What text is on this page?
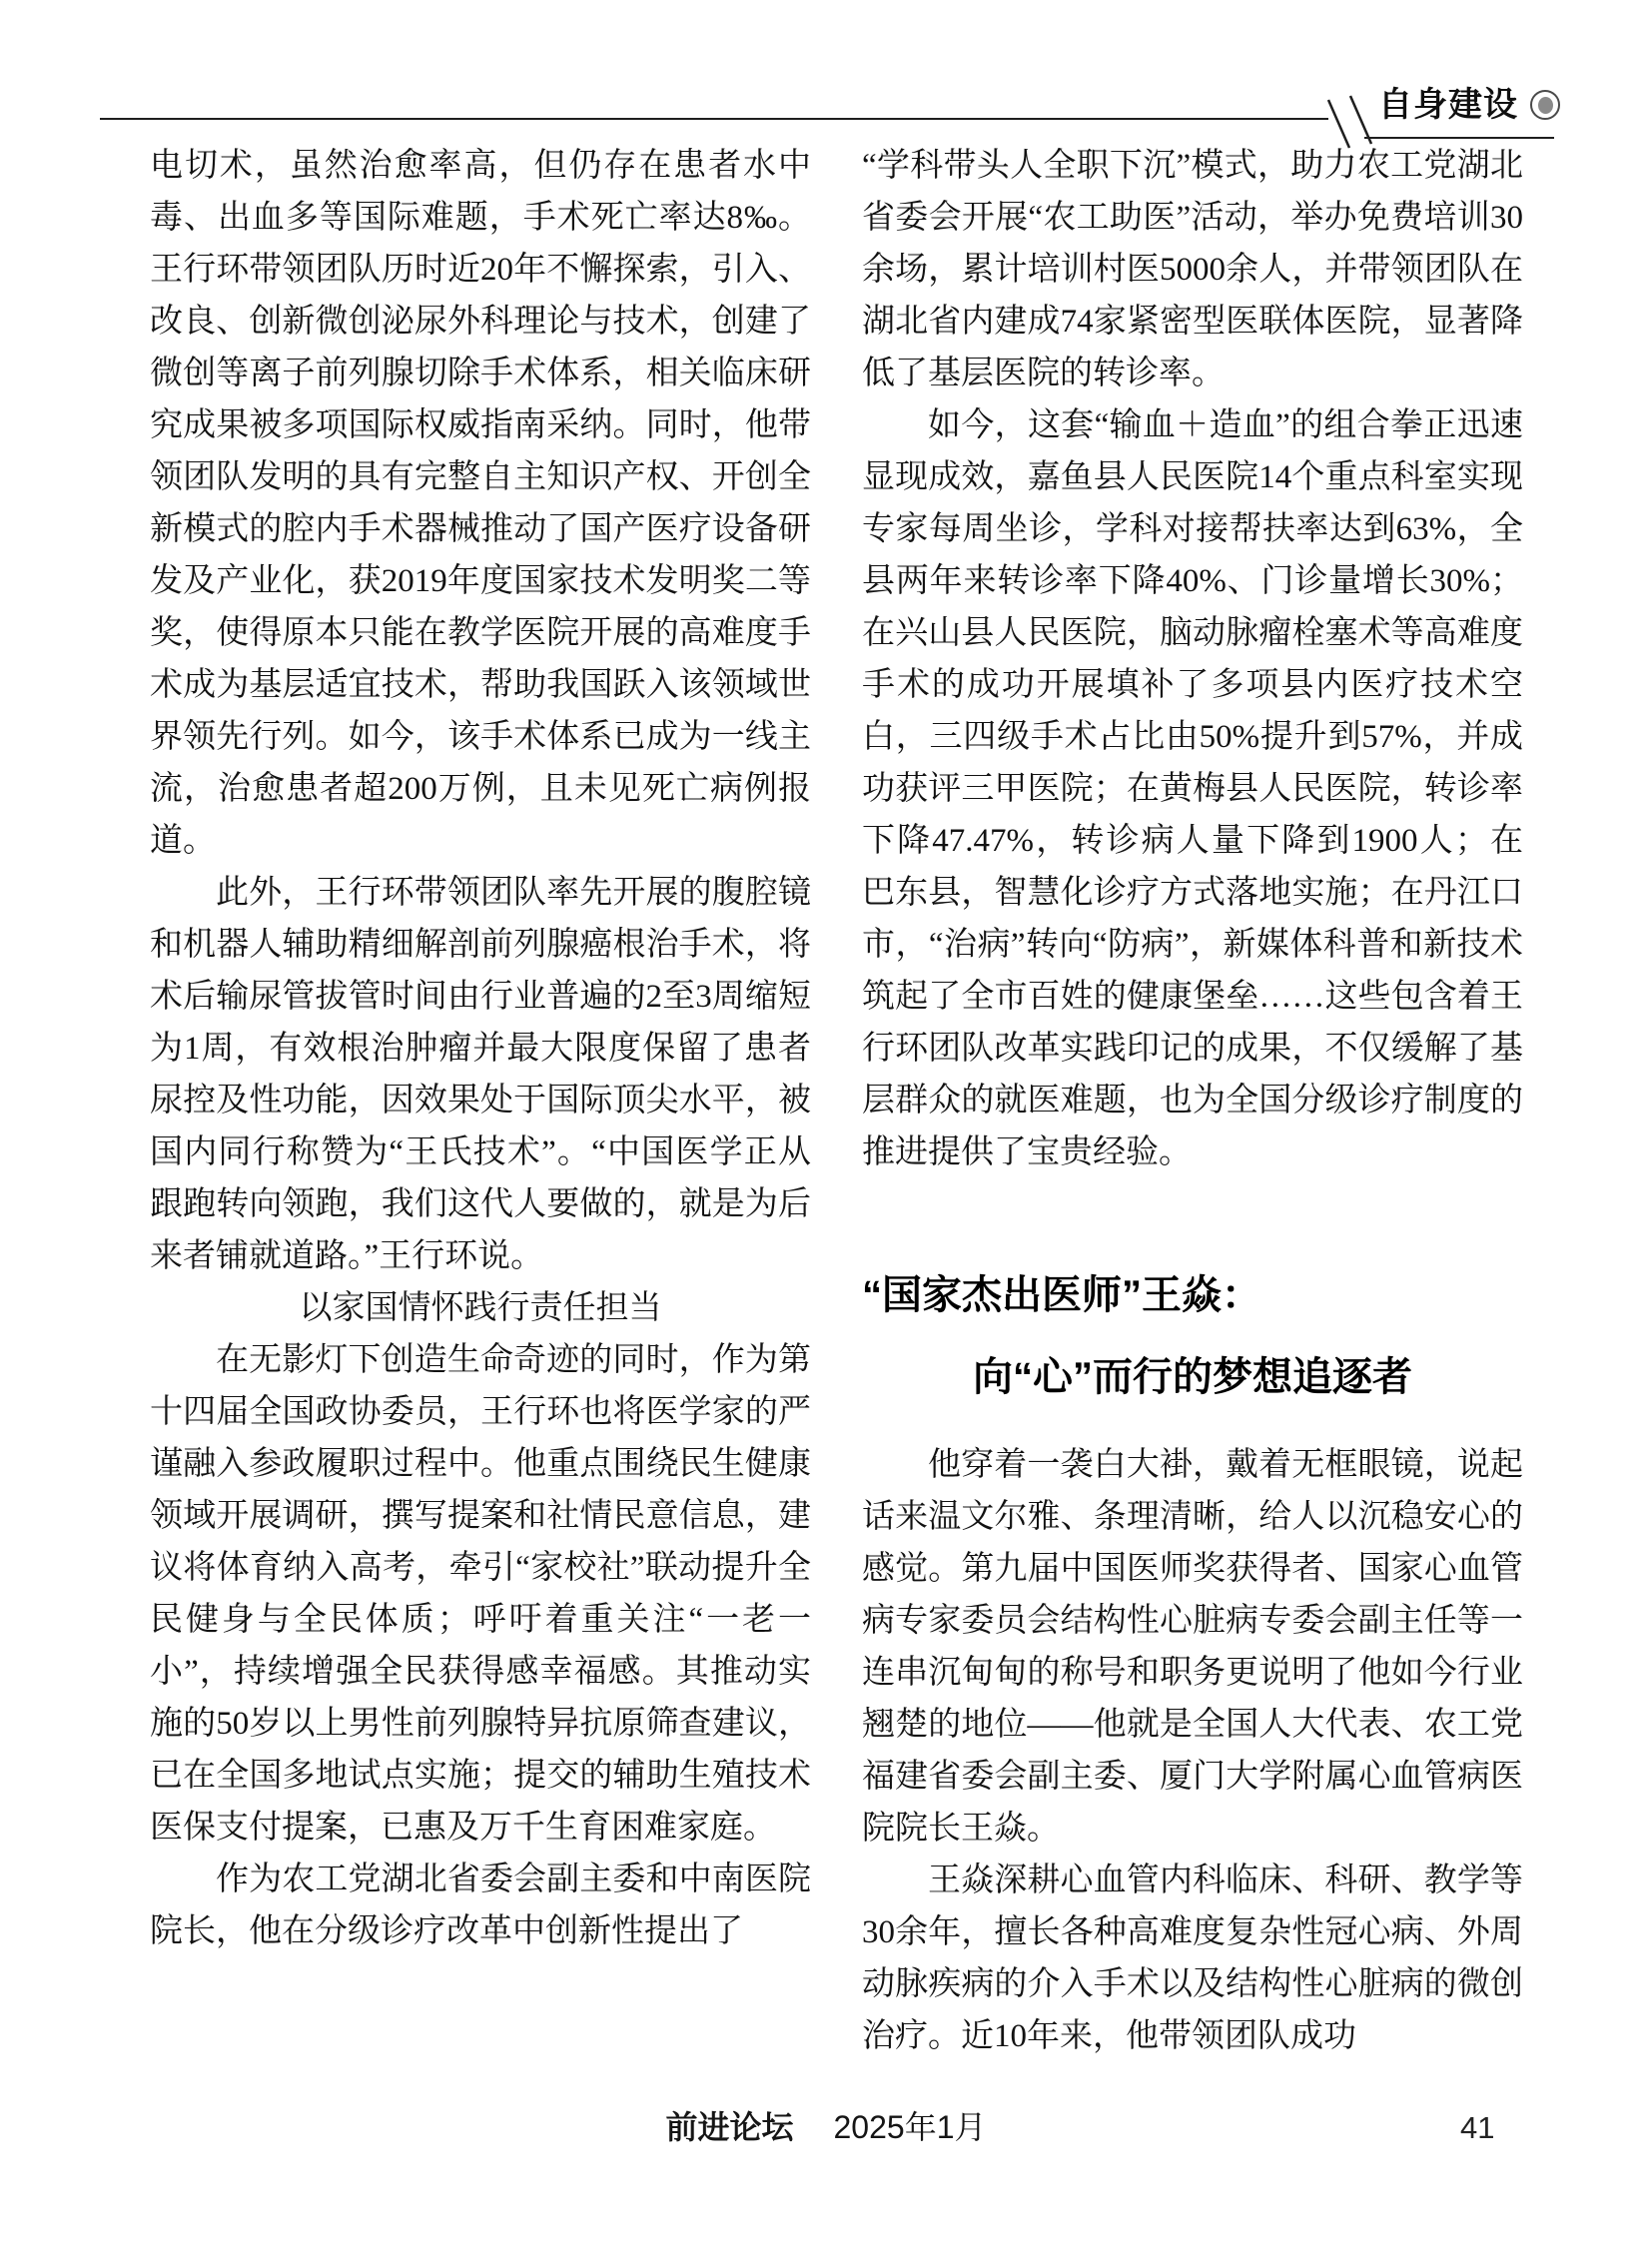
自身建设

电切术，虽然治愈率高，但仍存在患者水中毒、出血多等国际难题，手术死亡率达8‰。王行环带领团队历时近20年不懈探索，引入、改良、创新微创泌尿外科理论与技术，创建了微创等离子前列腺切除手术体系，相关临床研究成果被多项国际权威指南采纳。同时，他带领团队发明的具有完整自主知识产权、开创全新模式的腔内手术器械推动了国产医疗设备研发及产业化，获2019年度国家技术发明奖二等奖，使得原本只能在教学医院开展的高难度手术成为基层适宜技术，帮助我国跃入该领域世界领先行列。如今，该手术体系已成为一线主流，治愈患者超200万例，且未见死亡病例报道。

此外，王行环带领团队率先开展的腹腔镜和机器人辅助精细解剖前列腺癌根治手术，将术后输尿管拔管时间由行业普遍的2至3周缩短为1周，有效根治肿瘤并最大限度保留了患者尿控及性功能，因效果处于国际顶尖水平，被国内同行称赞为“王氏技术”。“中国医学正从跟跑转向领跑，我们这代人要做的，就是为后来者铺就道路。”王行环说。

以家国情怀践行责任担当

在无影灯下创造生命奇迹的同时，作为第十四届全国政协委员，王行环也将医学家的严谨融入参政履职过程中。他重点围绕民生健康领域开展调研，撰写提案和社情民意信息，建议将体育纳入高考，牵引“家校社”联动提升全民健身与全民体质；呼吁着重关注“一老一小”，持续增强全民获得感幸福感。其推动实施的50岁以上男性前列腺特异抗原筛查建议，已在全国多地试点实施；提交的辅助生殖技术医保支付提案，已惠及万千生育困难家庭。

作为农工党湖北省委会副主委和中南医院院长，他在分级诊疗改革中创新性提出了

“学科带头人全职下沉”模式，助力农工党湖北省委会开展“农工助医”活动，举办免费培训30余场，累计培训村医5000余人，并带领团队在湖北省内建成74家紧密型医联体医院，显著降低了基层医院的转诊率。

如今，这套“输血＋造血”的组合拳正迅速显现成效，嘉鱼县人民医院14个重点科室实现专家每周坐诊，学科对接帮扶率达到63%，全县两年来转诊率下降40%、门诊量增长30%；在兴山县人民医院，脑动脉瘤栓塞术等高难度手术的成功开展填补了多项县内医疗技术空白，三四级手术占比由50%提升到57%，并成功获评三甲医院；在黄梅县人民医院，转诊率下降47.47%，转诊病人量下降到1900人；在巴东县，智慧化诊疗方式落地实施；在丹江口市，“治病”转向“防病”，新媒体科普和新技术筑起了全市百姓的健康堡垒……这些包含着王行环团队改革实践印记的成果，不仅缓解了基层群众的就医难题，也为全国分级诊疗制度的推进提供了宝贵经验。

“国家杰出医师”王焱：

向“心”而行的梦想追逐者

他穿着一袭白大褂，戴着无框眼镜，说起话来温文尔雅、条理清晰，给人以沉稳安心的感觉。第九届中国医师奖获得者、国家心血管病专家委员会结构性心脏病专委会副主任等一连串沉甸甸的称号和职务更说明了他如今行业翘楚的地位——他就是全国人大代表、农工党福建省委会副主委、厦门大学附属心血管病医院院长王焱。

王焱深耕心血管内科临床、科研、教学等30余年，擅长各种高难度复杂性冠心病、外周动脉疾病的介入手术以及结构性心脏病的微创治疗。近10年来，他带领团队成功

前进论坛 2025年1月	41
